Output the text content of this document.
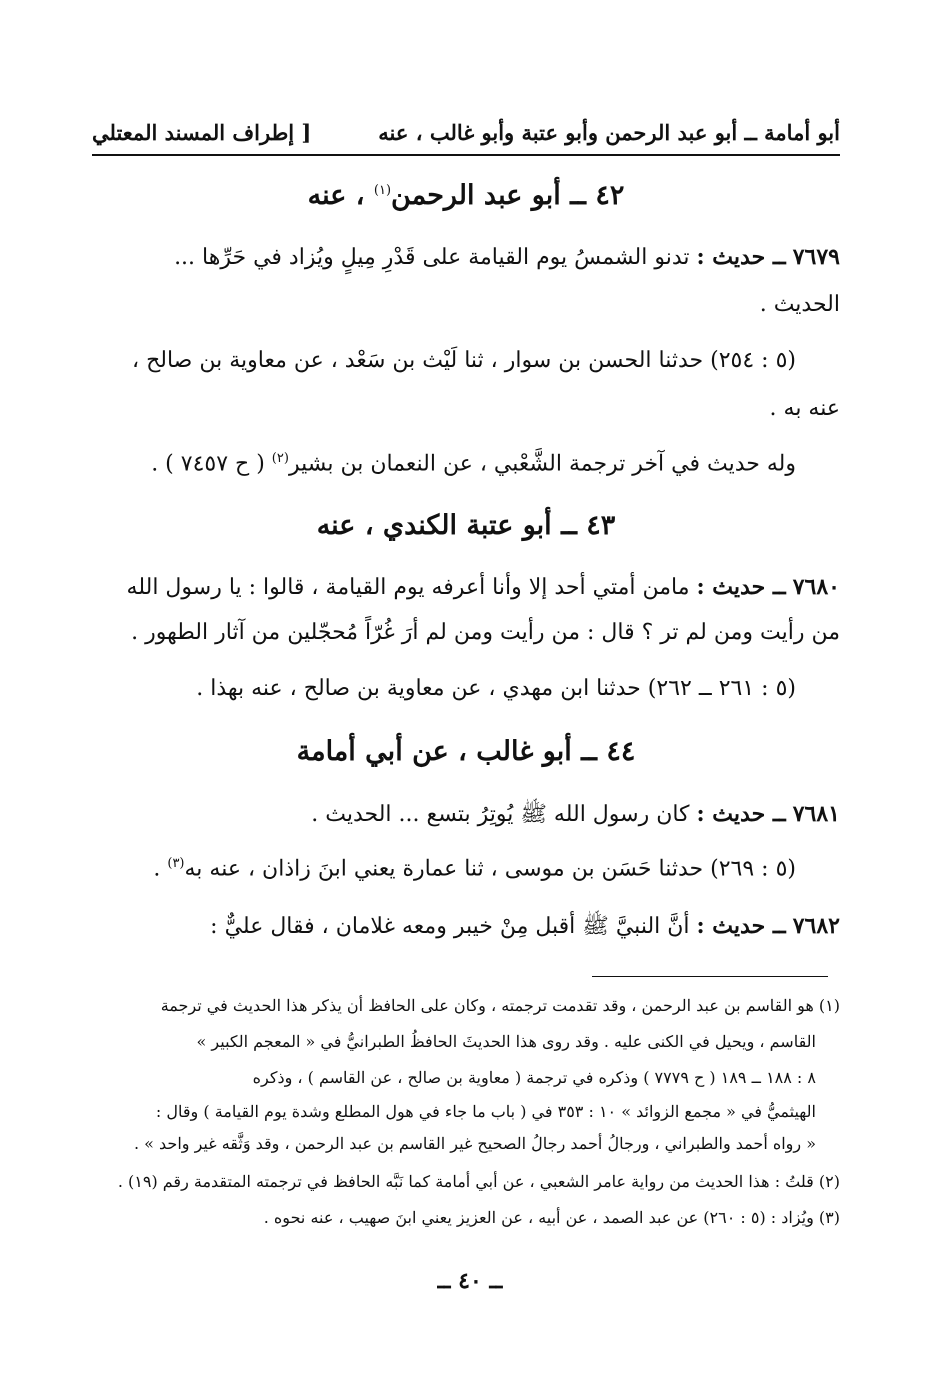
أبو أمامة ــ أبو عبد الرحمن وأبو عتبة وأبو غالب ، عنه
[ إطراف المسند المعتلي
٤٢ ــ أبو عبد الرحمن$^{(١)}$ ، عنه
٧٦٧٩ ــ حديث : تدنو الشمسُ يوم القيامة على قَدْرِ مِيلٍ ويُزاد في حَرِّها ...
الحديث .
(٥ : ٢٥٤) حدثنا الحسن بن سوار ، ثنا لَيْث بن سَعْد ، عن معاوية بن صالح ،
عنه به .
وله حديث في آخر ترجمة الشَّعْبي ، عن النعمان بن بشير$^{(٢)}$ ( ح ٧٤٥٧ ) .
٤٣ ــ أبو عتبة الكندي ، عنه
٧٦٨٠ ــ حديث : مامن أمتي أحد إلا وأنا أعرفه يوم القيامة ، قالوا : يا رسول الله
من رأيت ومن لم تر ؟ قال : من رأيت ومن لم أرَ غُرّاً مُحجّلين من آثار الطهور .
(٥ : ٢٦١ ــ ٢٦٢) حدثنا ابن مهدي ، عن معاوية بن صالح ، عنه بهذا .
٤٤ ــ أبو غالب ، عن أبي أمامة
٧٦٨١ ــ حديث : كان رسول الله ﷺ يُوتِرُ بتسع ... الحديث .
(٥ : ٢٦٩) حدثنا حَسَن بن موسى ، ثنا عمارة يعني ابنَ زاذان ، عنه به$^{(٣)}$ .
٧٦٨٢ ــ حديث : أنَّ النبيَّ ﷺ أقبل مِنْ خيبر ومعه غلامان ، فقال عليٌّ :
(١) هو القاسم بن عبد الرحمن ، وقد تقدمت ترجمته ، وكان على الحافظ أن يذكر هذا الحديث في ترجمة
القاسم ، ويحيل في الكنى عليه . وقد روى هذا الحديثَ الحافظُ الطبرانيُّ في « المعجم الكبير »
٨ : ١٨٨ ــ ١٨٩ ( ح ٧٧٧٩ ) وذكره في ترجمة ( معاوية بن صالح ، عن القاسم ) ، وذكره
الهيثميُّ في « مجمع الزوائد » ١٠ : ٣٥٣ في ( باب ما جاء في هول المطلع وشدة يوم القيامة ) وقال :
« رواه أحمد والطبراني ، ورجالُ أحمد رجالُ الصحيح غير القاسم بن عبد الرحمن ، وقد وَثَّقه غير واحد » .
(٢) قلتُ : هذا الحديث من رواية عامر الشعبي ، عن أبي أمامة كما نَبَّه الحافظ في ترجمته المتقدمة رقم (١٩) .
(٣) ويُزاد : (٥ : ٢٦٠) عن عبد الصمد ، عن أبيه ، عن العزيز يعني ابنَ صهيب ، عنه نحوه .
ــ ٤٠ ــ
